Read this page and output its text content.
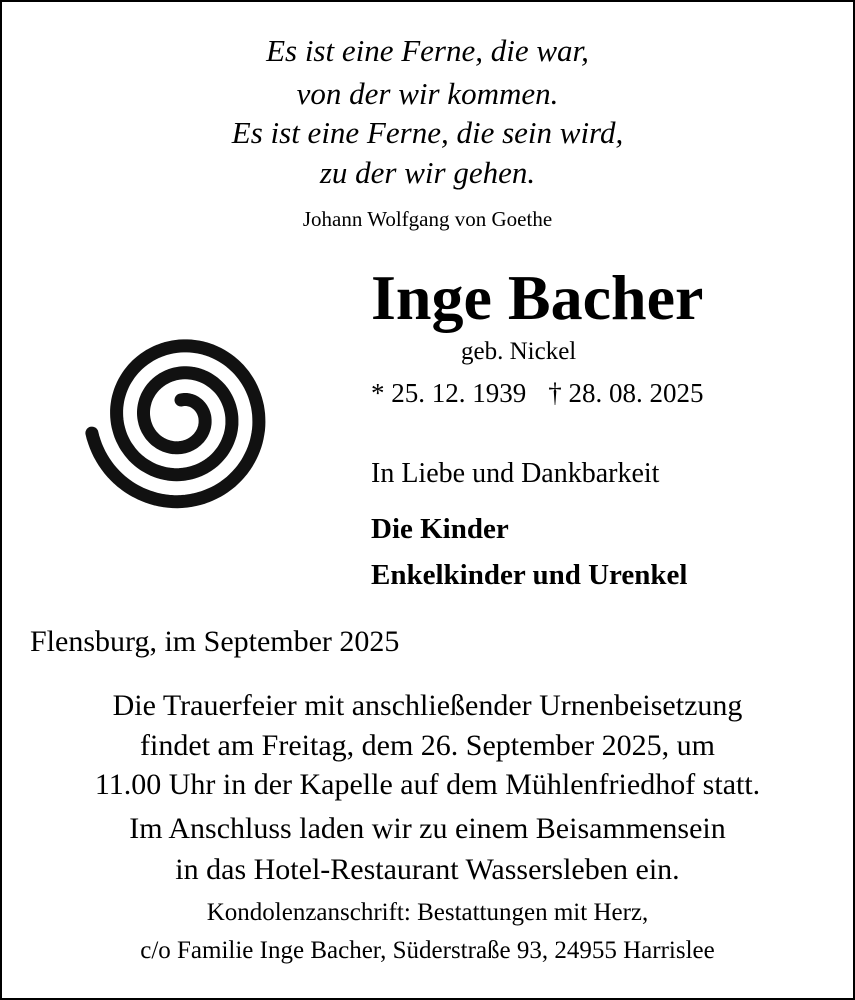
Es ist eine Ferne, die war,
von der wir kommen.
Es ist eine Ferne, die sein wird,
zu der wir gehen.
Johann Wolfgang von Goethe
Inge Bacher
geb. Nickel
* 25. 12. 1939 † 28. 08. 2025
In Liebe und Dankbarkeit
Die Kinder
Enkelkinder und Urenkel
Flensburg, im September 2025
Die Trauerfeier mit anschließender Urnenbeisetzung
findet am Freitag, dem 26. September 2025, um
11.00 Uhr in der Kapelle auf dem Mühlenfriedhof statt.
Im Anschluss laden wir zu einem Beisammensein
in das Hotel-Restaurant Wassersleben ein.
Kondolenzanschrift: Bestattungen mit Herz,
c/o Familie Inge Bacher, Süderstraße 93, 24955 Harrislee
